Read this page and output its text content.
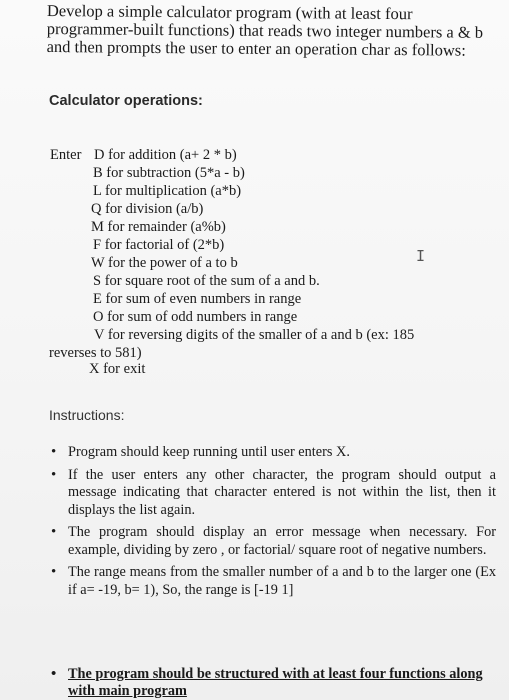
Develop a simple calculator program (with at least four
programmer-built functions) that reads two integer numbers a & b
and then prompts the user to enter an operation char as follows:
Calculator operations:
Enter D for addition (a+ 2 * b)
B for subtraction (5*a - b)
L for multiplication (a*b)
Q for division (a/b)
M for remainder (a%b)
F for factorial of (2*b)
W for the power of a to b
S for square root of the sum of a and b.
E for sum of even numbers in range
O for sum of odd numbers in range
V for reversing digits of the smaller of a and b (ex: 185
reverses to 581)
X for exit
I
Instructions:
• Program should keep running until user enters X.
• If the user enters any other character, the program should output a message indicating that character entered is not within the list, then it displays the list again.
• The program should display an error message when necessary. For example, dividing by zero , or factorial/ square root of negative numbers.
• The range means from the smaller number of a and b to the larger one (Ex if a= -19, b= 1), So, the range is [-19 1]
• The program should be structured with at least four functions along with main program
